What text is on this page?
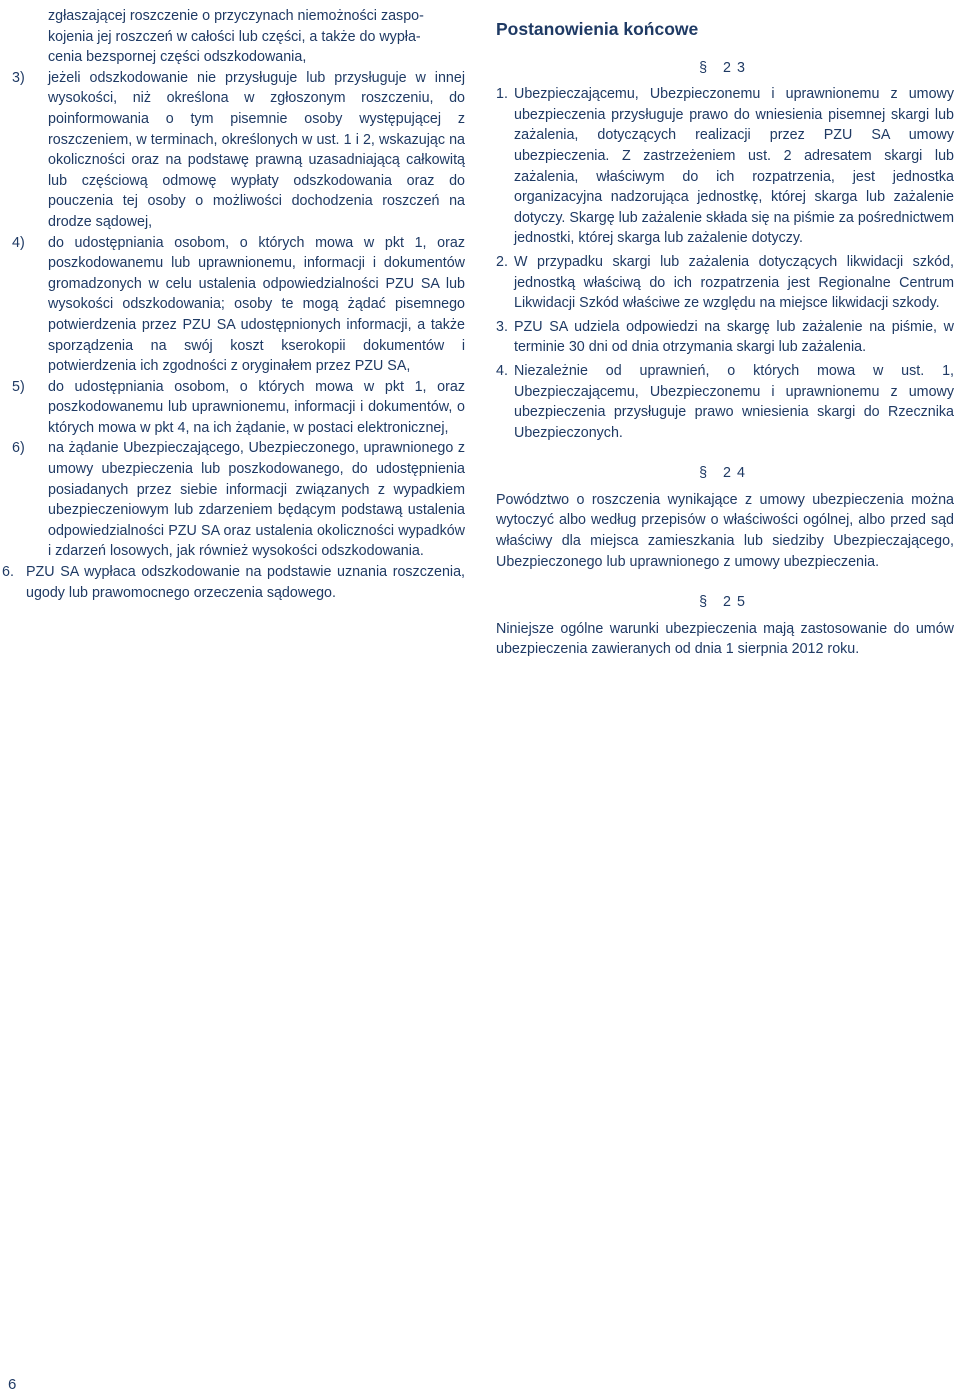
zgłaszającej roszczenie o przyczynach niemożności zaspo-

kojenia jej roszczeń w całości lub części, a także do wypła-

cenia bezspornej części odszkodowania,

3) jeżeli odszkodowanie nie przysługuje lub przysługuje w innej wysokości, niż określona w zgłoszonym roszczeniu, do poinformowania o tym pisemnie osoby występującej z roszczeniem, w terminach, określonych w ust. 1 i 2, wskazując na okoliczności oraz na podstawę prawną uzasadniającą całkowitą lub częściową odmowę wypłaty odszkodowania oraz do pouczenia tej osoby o możliwości dochodzenia roszczeń na drodze sądowej,
4) do udostępniania osobom, o których mowa w pkt 1, oraz poszkodowanemu lub uprawnionemu, informacji i dokumentów gromadzonych w celu ustalenia odpowiedzialności PZU SA lub wysokości odszkodowania; osoby te mogą żądać pisemnego potwierdzenia przez PZU SA udostępnionych informacji, a także sporządzenia na swój koszt kserokopii dokumentów i potwierdzenia ich zgodności z oryginałem przez PZU SA,
5) do udostępniania osobom, o których mowa w pkt 1, oraz poszkodowanemu lub uprawnionemu, informacji i dokumentów, o których mowa w pkt 4, na ich żądanie, w postaci elektronicznej,
6) na żądanie Ubezpieczającego, Ubezpieczonego, uprawnionego z umowy ubezpieczenia lub poszkodowanego, do udostępnienia posiadanych przez siebie informacji związanych z wypadkiem ubezpieczeniowym lub zdarzeniem będącym podstawą ustalenia odpowiedzialności PZU SA oraz ustalenia okoliczności wypadków i zdarzeń losowych, jak również wysokości odszkodowania.
6. PZU SA wypłaca odszkodowanie na podstawie uznania roszczenia, ugody lub prawomocnego orzeczenia sądowego.
Postanowienia końcowe
§ 23
1. Ubezpieczającemu, Ubezpieczonemu i uprawnionemu z umowy ubezpieczenia przysługuje prawo do wniesienia pisemnej skargi lub zażalenia, dotyczących realizacji przez PZU SA umowy ubezpieczenia. Z zastrzeżeniem ust. 2 adresatem skargi lub zażalenia, właściwym do ich rozpatrzenia, jest jednostka organizacyjna nadzorująca jednostkę, której skarga lub zażalenie dotyczy. Skargę lub zażalenie składa się na piśmie za pośrednictwem jednostki, której skarga lub zażalenie dotyczy.
2. W przypadku skargi lub zażalenia dotyczących likwidacji szkód, jednostką właściwą do ich rozpatrzenia jest Regionalne Centrum Likwidacji Szkód właściwe ze względu na miejsce likwidacji szkody.
3. PZU SA udziela odpowiedzi na skargę lub zażalenie na piśmie, w terminie 30 dni od dnia otrzymania skargi lub zażalenia.
4. Niezależnie od uprawnień, o których mowa w ust. 1, Ubezpieczającemu, Ubezpieczonemu i uprawnionemu z umowy ubezpieczenia przysługuje prawo wniesienia skargi do Rzecznika Ubezpieczonych.
§ 24

Powództwo o roszczenia wynikające z umowy ubezpieczenia można wytoczyć albo według przepisów o właściwości ogólnej, albo przed sąd właściwy dla miejsca zamieszkania lub siedziby Ubezpieczającego, Ubezpieczonego lub uprawnionego z umowy ubezpieczenia.

§ 25

Niniejsze ogólne warunki ubezpieczenia mają zastosowanie do umów ubezpieczenia zawieranych od dnia 1 sierpnia 2012 roku.

6
